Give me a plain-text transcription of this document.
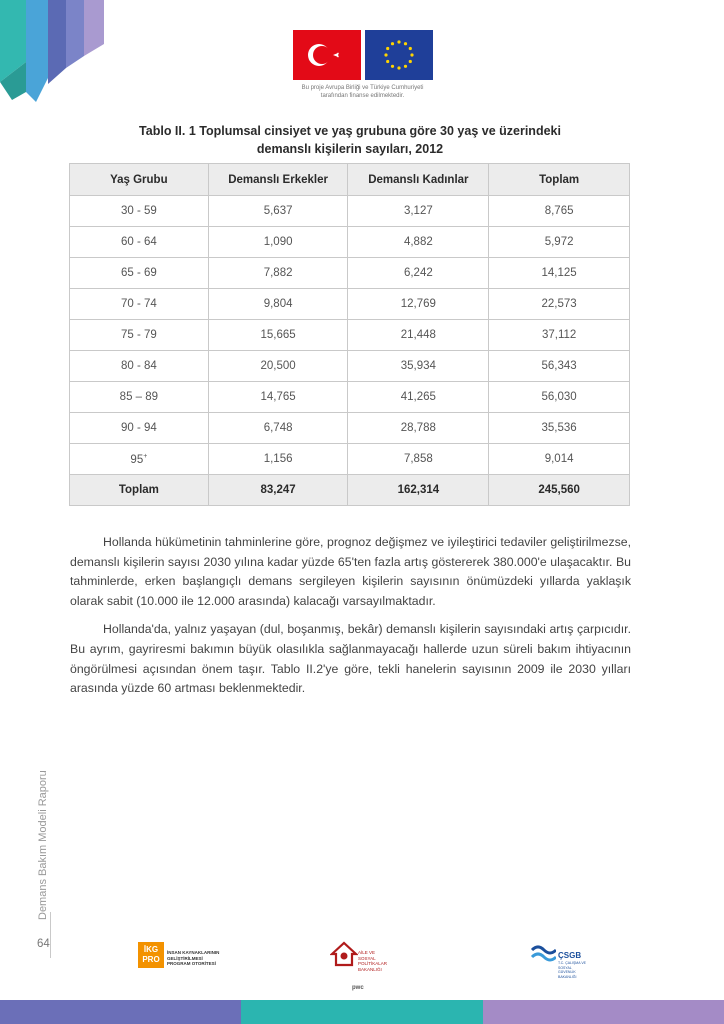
Bu proje Avrupa Birliği ve Türkiye Cumhuriyeti
tarafından finanse edilmektedir.
Tablo II. 1 Toplumsal cinsiyet ve yaş grubuna göre 30 yaş ve üzerindeki
demanslı kişilerin sayıları, 2012
Yaş Grubu	Demanslı Erkekler	Demanslı Kadınlar	Toplam
30 - 59	5,637	3,127	8,765
60 - 64	1,090	4,882	5,972
65 - 69	7,882	6,242	14,125
70 - 74	9,804	12,769	22,573
75 - 79	15,665	21,448	37,112
80 - 84	20,500	35,934	56,343
85 – 89	14,765	41,265	56,030
90 - 94	6,748	28,788	35,536
95+	1,156	7,858	9,014
Toplam	83,247	162,314	245,560

Hollanda hükümetinin tahminlerine göre, prognoz değişmez ve iyileştirici tedaviler geliştirilmezse, demanslı kişilerin sayısı 2030 yılına kadar yüzde 65'ten fazla artış göstererek 380.000'e ulaşacaktır. Bu tahminlerde, erken başlangıçlı demans sergileyen kişilerin sayısının önümüzdeki yıllarda yaklaşık olarak sabit (10.000 ile 12.000 arasında) kalacağı varsayılmaktadır.

Hollanda'da, yalnız yaşayan (dul, boşanmış, bekâr) demanslı kişilerin sayısındaki artış çarpıcıdır. Bu ayrım, gayriresmi bakımın büyük olasılıkla sağlanmayacağı hallerde uzun süreli bakım ihtiyacının öngörülmesi açısından önem taşır. Tablo II.2'ye göre, tekli hanelerin sayısının 2009 ile 2030 yılları arasında yüzde 60 artması beklenmektedir.

Demans Bakım Modeli Raporu
64	İKG
PRO
İNSAN KAYNAKLARININ
GELİŞTİRİLMESİ
PROGRAM OTORİTESİ
AİLE VE
SOSYAL POLİTİKALAR
BAKANLIĞI
pwc
ÇSGB
T.C. ÇALIŞMA VE
SOSYAL GÜVENLİK
BAKANLIĞI
